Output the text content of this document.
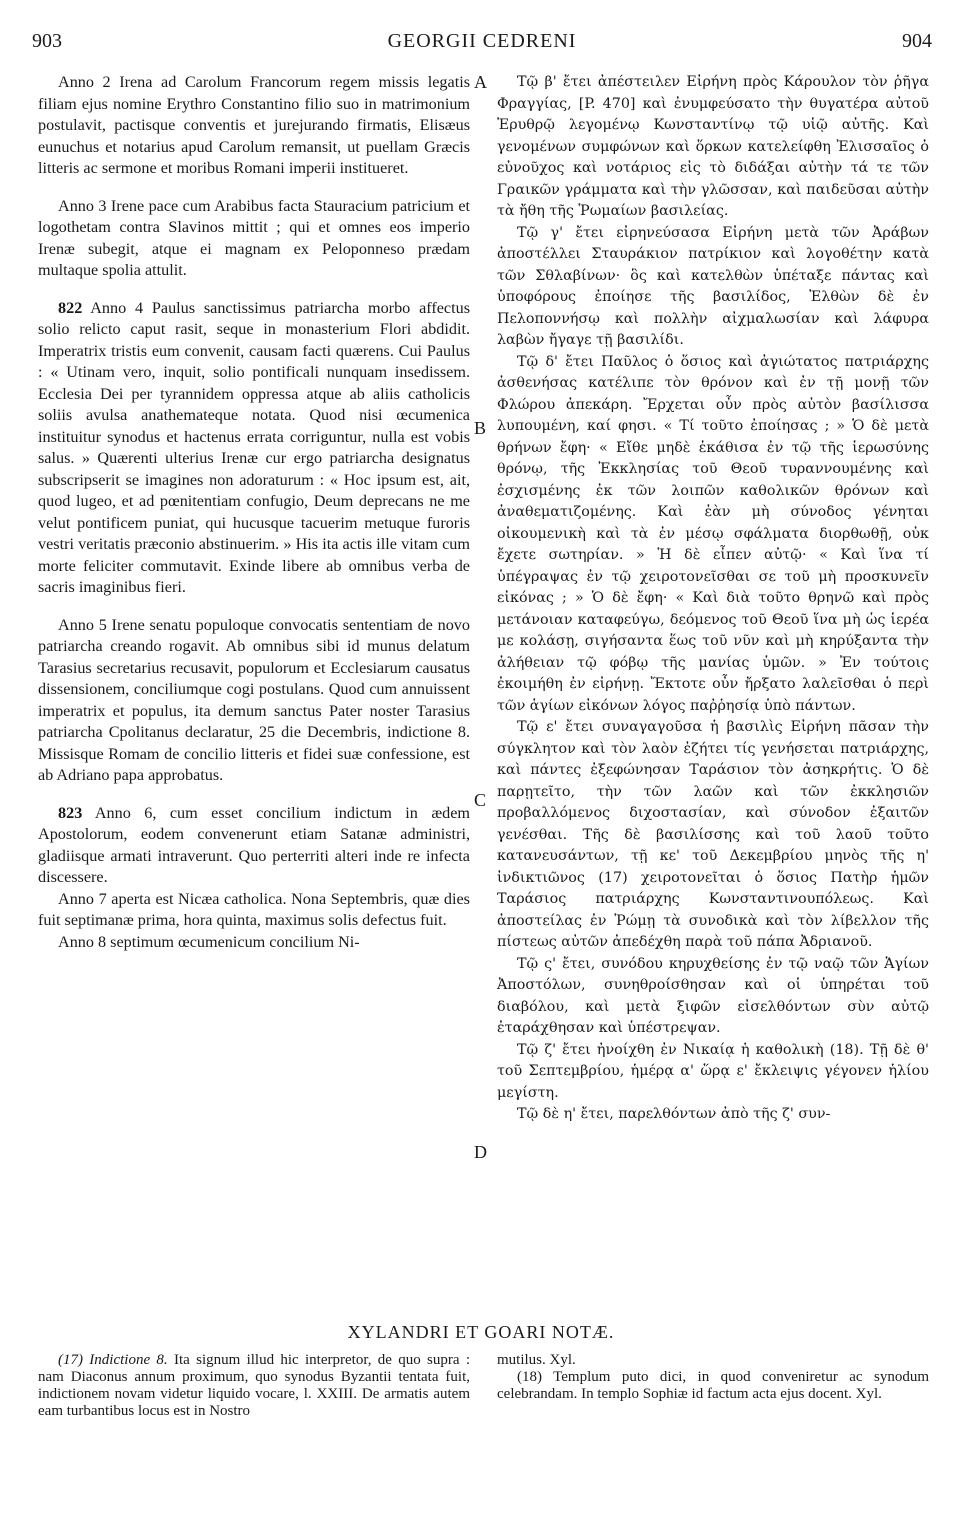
903	GEORGII CEDRENI	904

Anno 2 Irena ad Carolum Francorum regem missis legatis filiam ejus nomine Erythro Constantino filio suo in matrimonium postulavit, pactisque conventis et jurejurando firmatis, Elisæus eunuchus et notarius apud Carolum remansit, ut puellam Græcis litteris ac sermone et moribus Romani imperii institueret.

Anno 3 Irene pace cum Arabibus facta Stauracium patricium et logothetam contra Slavinos mittit ; qui et omnes eos imperio Irenæ subegit, atque ei magnam ex Peloponneso prædam multaque spolia attulit.

822 Anno 4 Paulus sanctissimus patriarcha morbo affectus solio relicto caput rasit, seque in monasterium Flori abdidit. Imperatrix tristis eum convenit, causam facti quærens. Cui Paulus : « Utinam vero, inquit, solio pontificali nunquam insedissem. Ecclesia Dei per tyrannidem oppressa atque ab aliis catholicis soliis avulsa anathemateque notata. Quod nisi œcumenica instituitur synodus et hactenus errata corriguntur, nulla est vobis salus. » Quærenti ulterius Irenæ cur ergo patriarcha designatus subscripserit se imagines non adoraturum : « Hoc ipsum est, ait, quod lugeo, et ad pœnitentiam confugio, Deum deprecans ne me velut pontificem puniat, qui hucusque tacuerim metuque furoris vestri veritatis præconio abstinuerim. » His ita actis ille vitam cum morte feliciter commutavit. Exinde libere ab omnibus verba de sacris imaginibus fieri.

Anno 5 Irene senatu populoque convocatis sententiam de novo patriarcha creando rogavit. Ab omnibus sibi id munus delatum Tarasius secretarius recusavit, populorum et Ecclesiarum causatus dissensionem, conciliumque cogi postulans. Quod cum annuissent imperatrix et populus, ita demum sanctus Pater noster Tarasius patriarcha Cpolitanus declaratur, 25 die Decembris, indictione 8. Missisque Romam de concilio litteris et fidei suæ confessione, est ab Adriano papa approbatus.

823 Anno 6, cum esset concilium indictum in ædem Apostolorum, eodem convenerunt etiam Satanæ administri, gladiisque armati intraverunt. Quo perterriti alteri inde re infecta discessere.

Anno 7 aperta est Nicæa catholica. Nona Septembris, quæ dies fuit septimanæ prima, hora quinta, maximus solis defectus fuit.

Anno 8 septimum œcumenicum concilium Ni-

A
B
C
D

Τῷ β' ἔτει ἀπέστειλεν Εἰρήνη πρὸς Κάρουλον τὸν ῥῆγα Φραγγίας, [P. 470] καὶ ἐνυμφεύσατο τὴν θυγατέρα αὐτοῦ Ἐρυθρῷ λεγομένῳ Κωνσταντίνῳ τῷ υἱῷ αὐτῆς. Καὶ γενομένων συμφώνων καὶ ὅρκων κατελείφθη Ἐλισσαῖος ὁ εὐνοῦχος καὶ νοτάριος εἰς τὸ διδάξαι αὐτὴν τά τε τῶν Γραικῶν γράμματα καὶ τὴν γλῶσσαν, καὶ παιδεῦσαι αὐτὴν τὰ ἤθη τῆς Ῥωμαίων βασιλείας.

Τῷ γ' ἔτει εἰρηνεύσασα Εἰρήνη μετὰ τῶν Ἀράβων ἀποστέλλει Σταυράκιον πατρίκιον καὶ λογοθέτην κατὰ τῶν Σθλαβίνων· ὃς καὶ κατελθὼν ὑπέταξε πάντας καὶ ὑποφόρους ἐποίησε τῆς βασιλίδος, Ἐλθὼν δὲ ἐν Πελοποννήσῳ καὶ πολλὴν αἰχμαλωσίαν καὶ λάφυρα λαβὼν ἤγαγε τῇ βασιλίδι.

Τῷ δ' ἔτει Παῦλος ὁ ὅσιος καὶ ἁγιώτατος πατριάρχης ἀσθενήσας κατέλιπε τὸν θρόνον καὶ ἐν τῇ μονῇ τῶν Φλώρου ἀπεκάρη. Ἔρχεται οὖν πρὸς αὐτὸν βασίλισσα λυπουμένη, καί φησι. « Τί τοῦτο ἐποίησας ; » Ὁ δὲ μετὰ θρήνων ἔφη· « Εἴθε μηδὲ ἐκάθισα ἐν τῷ τῆς ἱερωσύνης θρόνῳ, τῆς Ἐκκλησίας τοῦ Θεοῦ τυραννουμένης καὶ ἐσχισμένης ἐκ τῶν λοιπῶν καθολικῶν θρόνων καὶ ἀναθεματιζομένης. Καὶ ἐὰν μὴ σύνοδος γένηται οἰκουμενικὴ καὶ τὰ ἐν μέσῳ σφάλματα διορθωθῇ, οὐκ ἔχετε σωτηρίαν. » Ἡ δὲ εἶπεν αὐτῷ· « Καὶ ἵνα τί ὑπέγραψας ἐν τῷ χειροτονεῖσθαι σε τοῦ μὴ προσκυνεῖν εἰκόνας ; » Ὁ δὲ ἔφη· « Καὶ διὰ τοῦτο θρηνῶ καὶ πρὸς μετάνοιαν καταφεύγω, δεόμενος τοῦ Θεοῦ ἵνα μὴ ὡς ἱερέα με κολάσῃ, σιγήσαντα ἕως τοῦ νῦν καὶ μὴ κηρύξαντα τὴν ἀλήθειαν τῷ φόβῳ τῆς μανίας ὑμῶν. » Ἐν τούτοις ἐκοιμήθη ἐν εἰρήνῃ. Ἔκτοτε οὖν ἤρξατο λαλεῖσθαι ὁ περὶ τῶν ἁγίων εἰκόνων λόγος παῤῥησίᾳ ὑπὸ πάντων.

Τῷ ε' ἔτει συναγαγοῦσα ἡ βασιλὶς Εἰρήνη πᾶσαν τὴν σύγκλητον καὶ τὸν λαὸν ἐζήτει τίς γενήσεται πατριάρχης, καὶ πάντες ἐξεφώνησαν Ταράσιον τὸν ἀσηκρήτις. Ὁ δὲ παρῃτεῖτο, τὴν τῶν λαῶν καὶ τῶν ἐκκλησιῶν προβαλλόμενος διχοστασίαν, καὶ σύνοδον ἐξαιτῶν γενέσθαι. Τῆς δὲ βασιλίσσης καὶ τοῦ λαοῦ τοῦτο κατανευσάντων, τῇ κε' τοῦ Δεκεμβρίου μηνὸς τῆς η' ἰνδικτιῶνος (17) χειροτονεῖται ὁ ὅσιος Πατὴρ ἡμῶν Ταράσιος πατριάρχης Κωνσταντινουπόλεως. Καὶ ἀποστείλας ἐν Ῥώμῃ τὰ συνοδικὰ καὶ τὸν λίβελλον τῆς πίστεως αὐτῶν ἀπεδέχθη παρὰ τοῦ πάπα Ἀδριανοῦ.

Τῷ ς' ἔτει, συνόδου κηρυχθείσης ἐν τῷ ναῷ τῶν Ἁγίων Ἀποστόλων, συνηθροίσθησαν καὶ οἱ ὑπηρέται τοῦ διαβόλου, καὶ μετὰ ξιφῶν εἰσελθόντων σὺν αὐτῷ ἐταράχθησαν καὶ ὑπέστρεψαν.

Τῷ ζ' ἔτει ἠνοίχθη ἐν Νικαίᾳ ἡ καθολικὴ (18). Τῇ δὲ θ' τοῦ Σεπτεμβρίου, ἡμέρᾳ α' ὥρᾳ ε' ἔκλειψις γέγονεν ἡλίου μεγίστη.

Τῷ δὲ η' ἔτει, παρελθόντων ἀπὸ τῆς ζ' συν-

XYLANDRI ET GOARI NOTÆ.

(17) Indictione 8. Ita signum illud hic interpretor, de quo supra : nam Diaconus annum proximum, quo synodus Byzantii tentata fuit, indictionem novam videtur liquido vocare, l. XXIII. De armatis autem eam turbantibus locus est in Nostro

mutilus. Xyl.

(18) Templum puto dici, in quod conveniretur ac synodum celebrandam. In templo Sophiæ id factum acta ejus docent. Xyl.
